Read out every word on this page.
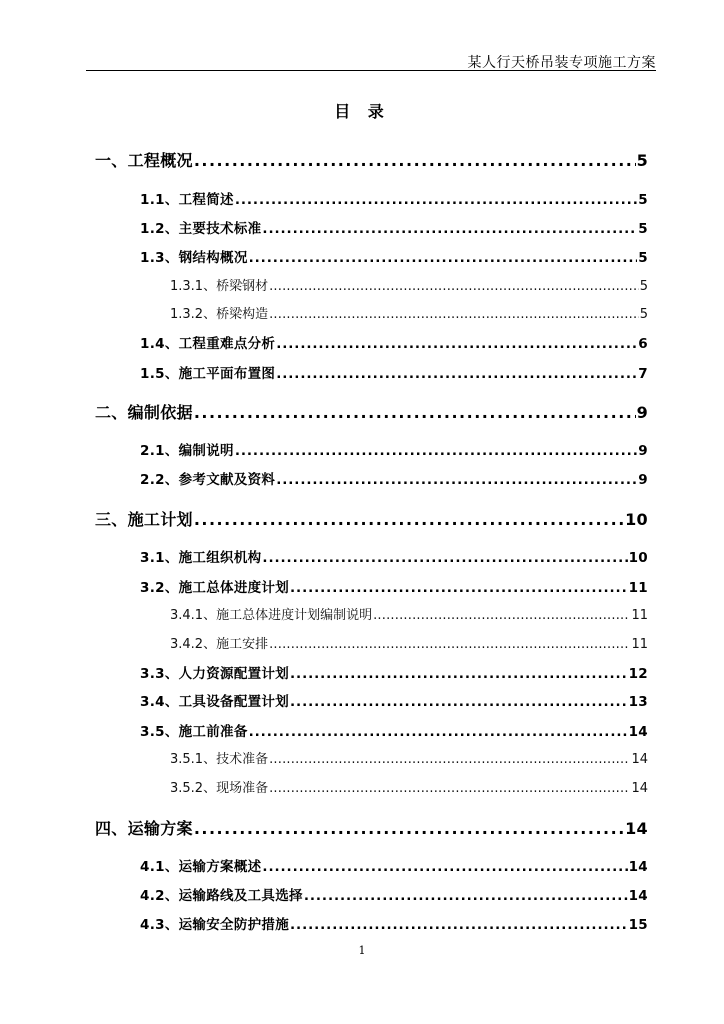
某人行天桥吊装专项施工方案
目 录
一、工程概况 .....	5
1.1、工程简述 .....	5
1.2、主要技术标准 .....	5
1.3、钢结构概况 .....	5
1.3.1、桥梁钢材 .....	5
1.3.2、桥梁构造 .....	5
1.4、工程重难点分析 .....	6
1.5、施工平面布置图 .....	7
二、编制依据 .....	9
2.1、编制说明 .....	9
2.2、参考文献及资料 .....	9
三、施工计划 .....	10
3.1、施工组织机构 .....	10
3.2、施工总体进度计划 .....	11
3.4.1、施工总体进度计划编制说明 .....	11
3.4.2、施工安排 .....	11
3.3、人力资源配置计划 .....	12
3.4、工具设备配置计划 .....	13
3.5、施工前准备 .....	14
3.5.1、技术准备 .....	14
3.5.2、现场准备 .....	14
四、运输方案 .....	14
4.1、运输方案概述 .....	14
4.2、运输路线及工具选择 .....	14
4.3、运输安全防护措施 .....	15
1
